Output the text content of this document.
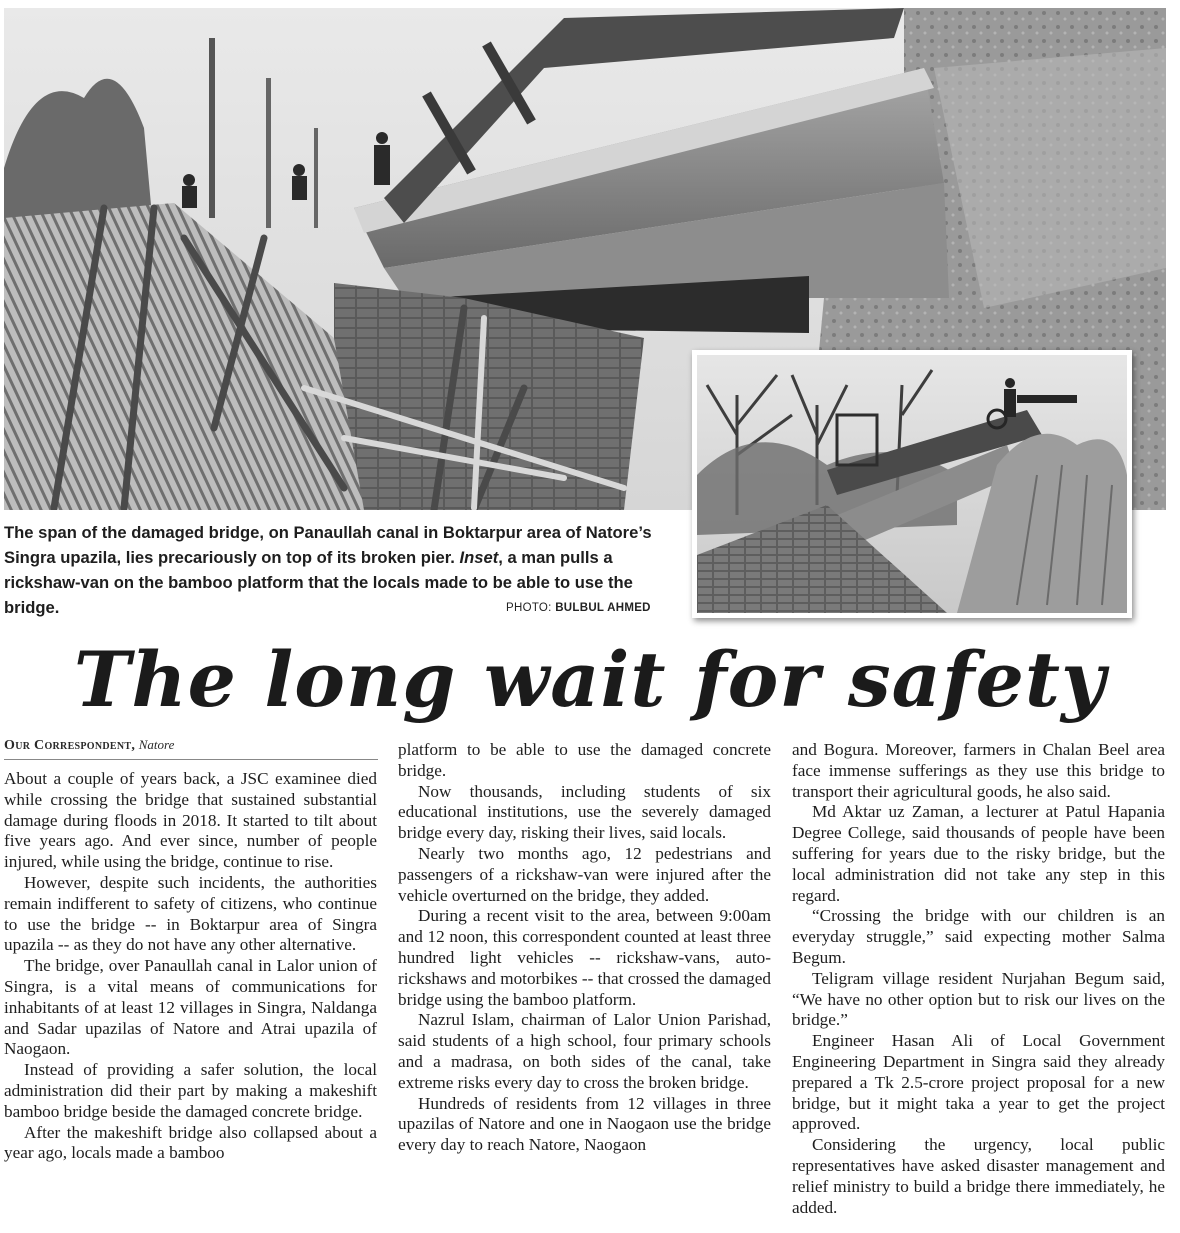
The span of the damaged bridge, on Panaullah canal in Boktarpur area of Natore’s Singra upazila, lies precariously on top of its broken pier. Inset, a man pulls a rickshaw-van on the bamboo platform that the locals made to be able to use the bridge.	PHOTO: BULBUL AHMED
The long wait for safety
Our Correspondent, Natore

About a couple of years back, a JSC examinee died while crossing the bridge that sustained substantial damage during floods in 2018. It started to tilt about five years ago. And ever since, number of people injured, while using the bridge, continue to rise.

However, despite such incidents, the authorities remain indifferent to safety of citizens, who continue to use the bridge -- in Boktarpur area of Singra upazila -- as they do not have any other alternative.

The bridge, over Panaullah canal in Lalor union of Singra, is a vital means of communications for inhabitants of at least 12 villages in Singra, Naldanga and Sadar upazilas of Natore and Atrai upazila of Naogaon.

Instead of providing a safer solution, the local administration did their part by making a makeshift bamboo bridge beside the damaged concrete bridge.

After the makeshift bridge also collapsed about a year ago, locals made a bamboo

platform to be able to use the damaged concrete bridge.

Now thousands, including students of six educational institutions, use the severely damaged bridge every day, risking their lives, said locals.

Nearly two months ago, 12 pedestrians and passengers of a rickshaw-van were injured after the vehicle overturned on the bridge, they added.

During a recent visit to the area, between 9:00am and 12 noon, this correspondent counted at least three hundred light vehicles -- rickshaw-vans, auto-rickshaws and motorbikes -- that crossed the damaged bridge using the bamboo platform.

Nazrul Islam, chairman of Lalor Union Parishad, said students of a high school, four primary schools and a madrasa, on both sides of the canal, take extreme risks every day to cross the broken bridge.

Hundreds of residents from 12 villages in three upazilas of Natore and one in Naogaon use the bridge every day to reach Natore, Naogaon

and Bogura. Moreover, farmers in Chalan Beel area face immense sufferings as they use this bridge to transport their agricultural goods, he also said.

Md Aktar uz Zaman, a lecturer at Patul Hapania Degree College, said thousands of people have been suffering for years due to the risky bridge, but the local administration did not take any step in this regard.

“Crossing the bridge with our children is an everyday struggle,” said expecting mother Salma Begum.

Teligram village resident Nurjahan Begum said, “We have no other option but to risk our lives on the bridge.”

Engineer Hasan Ali of Local Government Engineering Department in Singra said they already prepared a Tk 2.5-crore project proposal for a new bridge, but it might taka a year to get the project approved.

Considering the urgency, local public representatives have asked disaster management and relief ministry to build a bridge there immediately, he added.
